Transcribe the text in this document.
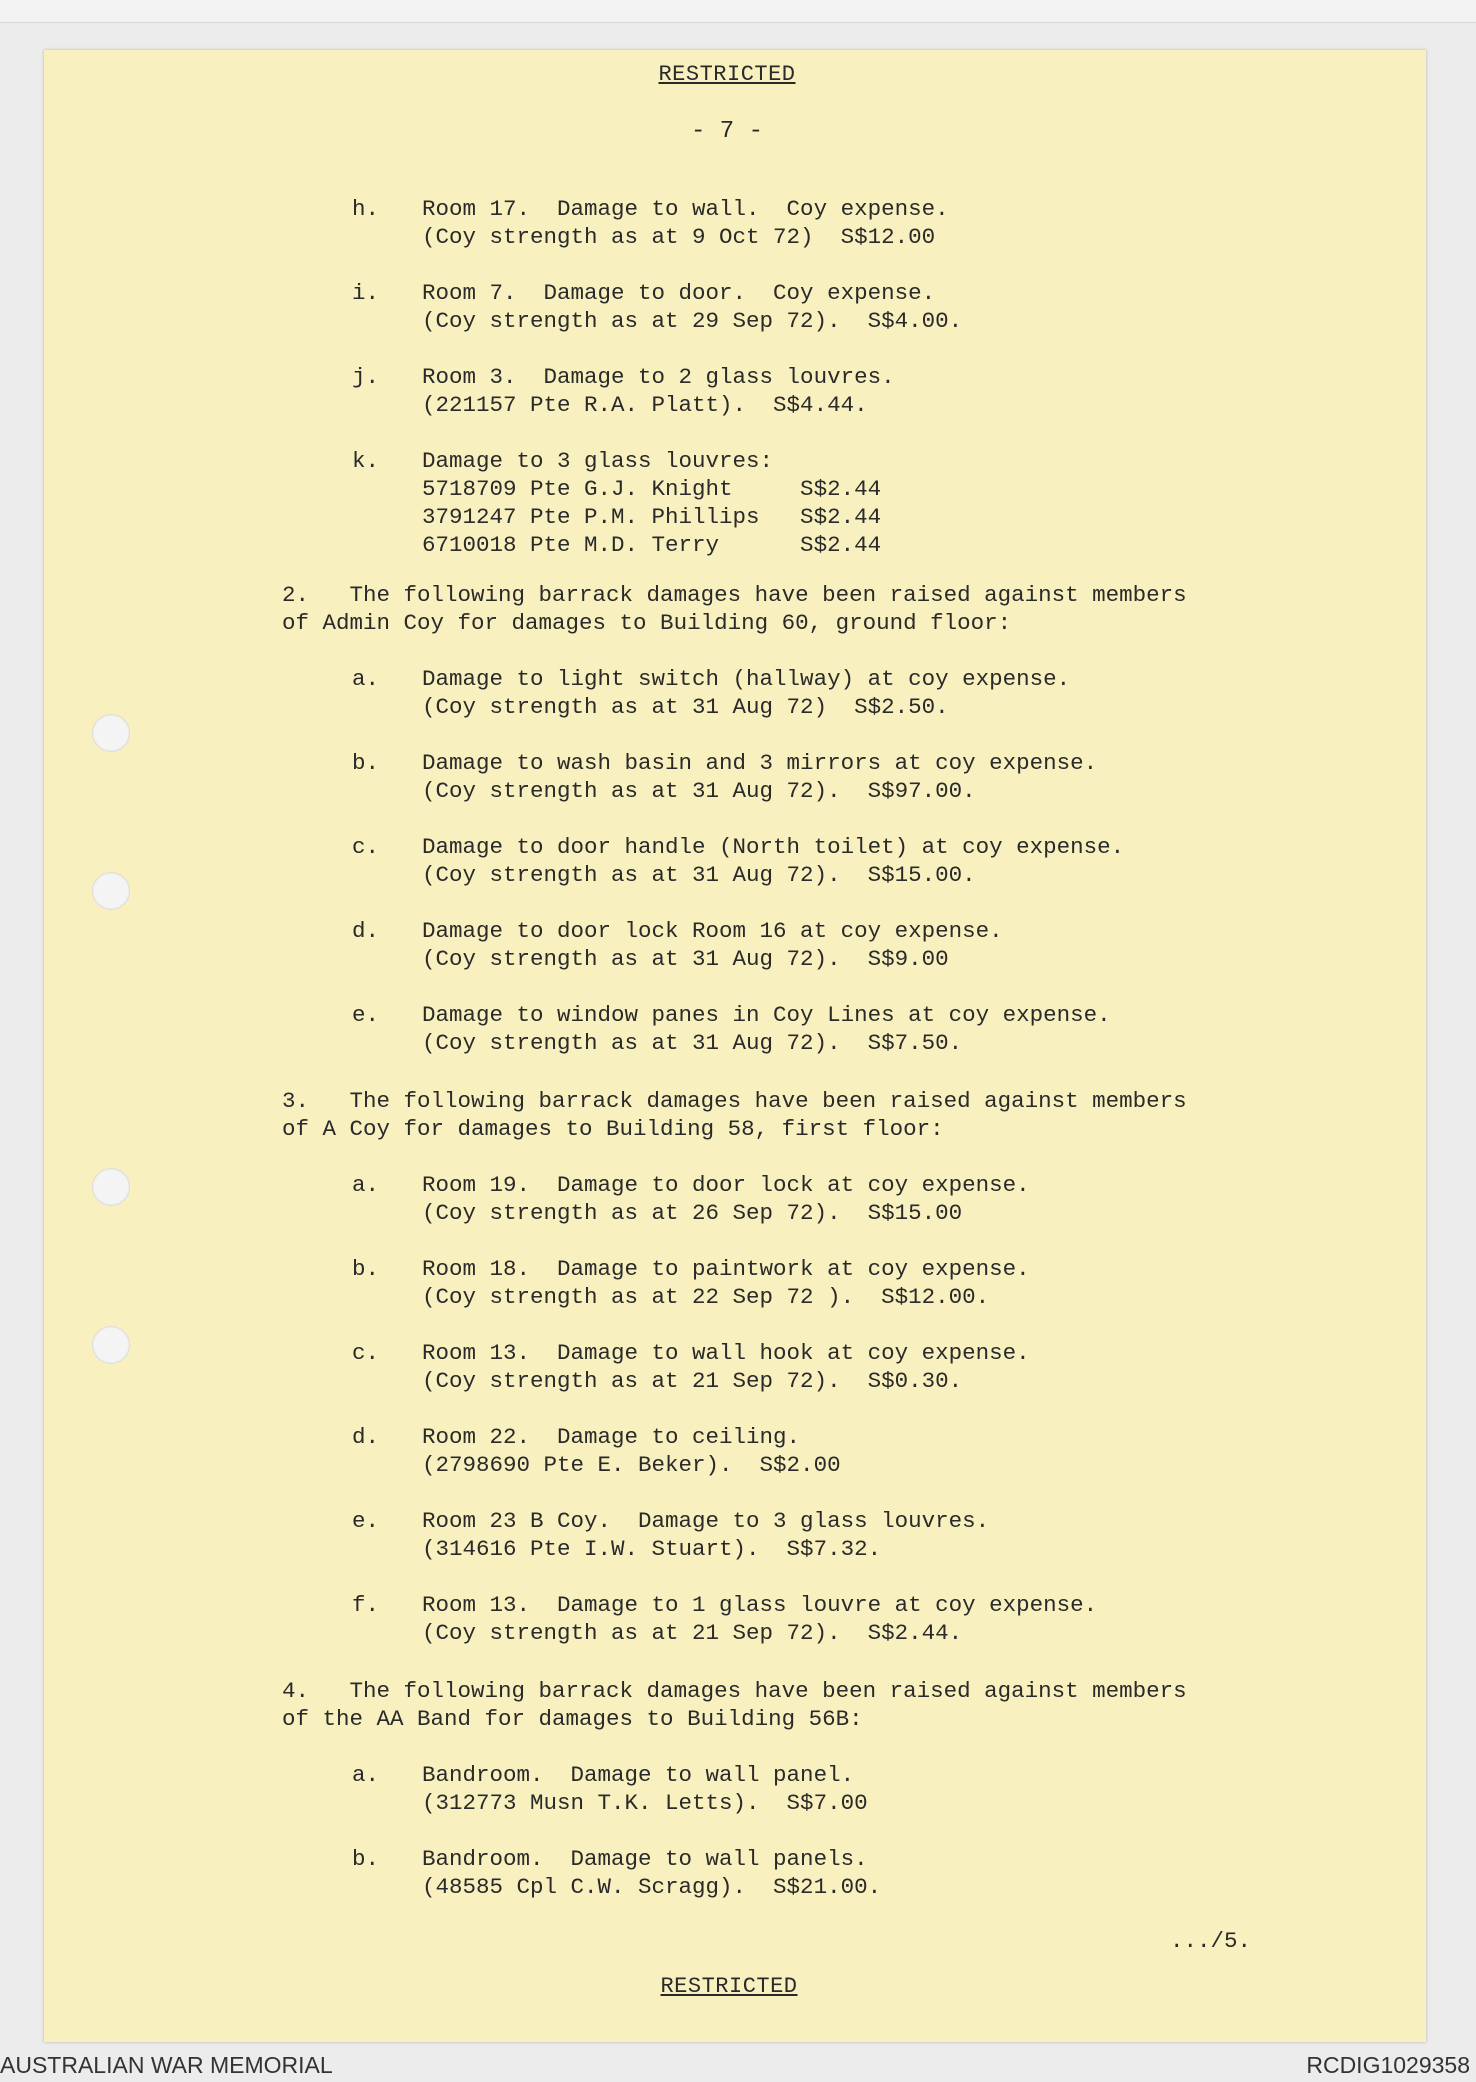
RESTRICTED
- 7 -
h. Room 17.  Damage to wall.  Coy expense.
(Coy strength as at 9 Oct 72)  S$12.00
i. Room 7.  Damage to door.  Coy expense.
(Coy strength as at 29 Sep 72).  S$4.00.
j. Room 3.  Damage to 2 glass louvres.
(221157 Pte R.A. Platt).  S$4.44.
k. Damage to 3 glass louvres:
5718709 Pte G.J. Knight     S$2.44
3791247 Pte P.M. Phillips   S$2.44
6710018 Pte M.D. Terry      S$2.44
2.   The following barrack damages have been raised against members
of Admin Coy for damages to Building 60, ground floor:
a. Damage to light switch (hallway) at coy expense.
(Coy strength as at 31 Aug 72)  S$2.50.
b. Damage to wash basin and 3 mirrors at coy expense.
(Coy strength as at 31 Aug 72).  S$97.00.
c. Damage to door handle (North toilet) at coy expense.
(Coy strength as at 31 Aug 72).  S$15.00.
d. Damage to door lock Room 16 at coy expense.
(Coy strength as at 31 Aug 72).  S$9.00
e. Damage to window panes in Coy Lines at coy expense.
(Coy strength as at 31 Aug 72).  S$7.50.
3.   The following barrack damages have been raised against members
of A Coy for damages to Building 58, first floor:
a. Room 19.  Damage to door lock at coy expense.
(Coy strength as at 26 Sep 72).  S$15.00
b. Room 18.  Damage to paintwork at coy expense.
(Coy strength as at 22 Sep 72 ).  S$12.00.
c. Room 13.  Damage to wall hook at coy expense.
(Coy strength as at 21 Sep 72).  S$0.30.
d. Room 22.  Damage to ceiling.
(2798690 Pte E. Beker).  S$2.00
e. Room 23 B Coy.  Damage to 3 glass louvres.
(314616 Pte I.W. Stuart).  S$7.32.
f. Room 13.  Damage to 1 glass louvre at coy expense.
(Coy strength as at 21 Sep 72).  S$2.44.
4.   The following barrack damages have been raised against members
of the AA Band for damages to Building 56B:
a. Bandroom.  Damage to wall panel.
(312773 Musn T.K. Letts).  S$7.00
b. Bandroom.  Damage to wall panels.
(48585 Cpl C.W. Scragg).  S$21.00.
.../5.
RESTRICTED
AUSTRALIAN WAR MEMORIAL	RCDIG1029358
